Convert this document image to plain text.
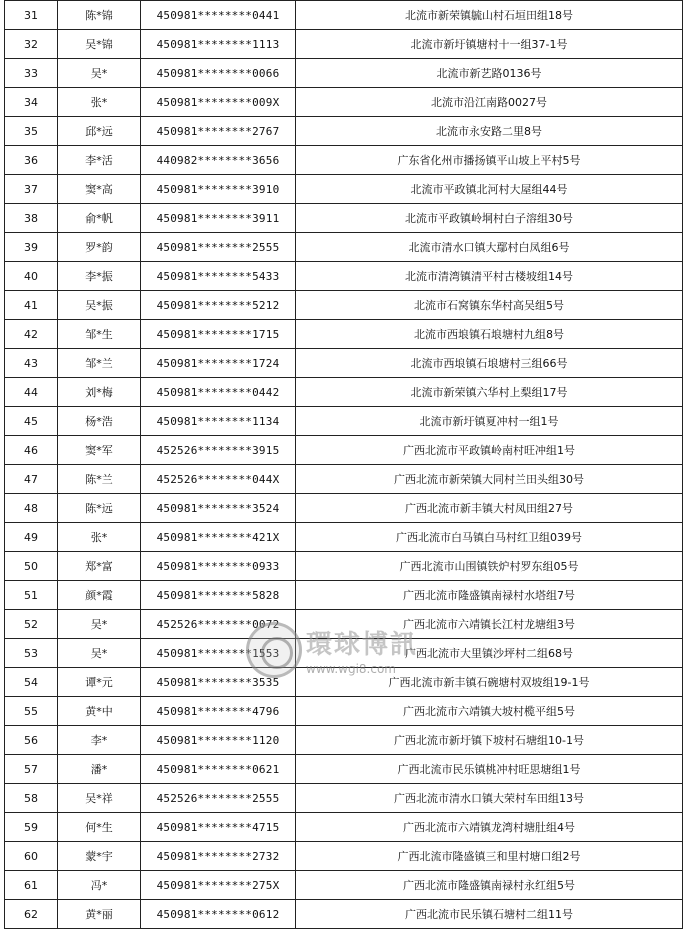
31	陈*锦	450981********0441	北流市新荣镇毓山村石垣田组18号
32	吴*锦	450981********1113	北流市新圩镇塘村十一组37-1号
33	吴*	450981********0066	北流市新艺路0136号
34	张*	450981********009X	北流市沿江南路0027号
35	邱*远	450981********2767	北流市永安路二里8号
36	李*活	440982********3656	广东省化州市播扬镇平山坡上平村5号
37	窦*高	450981********3910	北流市平政镇北河村大屋组44号
38	俞*帆	450981********3911	北流市平政镇岭垌村白子溶组30号
39	罗*韵	450981********2555	北流市清水口镇大鄢村白凤组6号
40	李*振	450981********5433	北流市清湾镇清平村古楼坡组14号
41	吴*振	450981********5212	北流市石窝镇东华村高吴组5号
42	邹*生	450981********1715	北流市西埌镇石埌塘村九组8号
43	邹*兰	450981********1724	北流市西埌镇石埌塘村三组66号
44	刘*梅	450981********0442	北流市新荣镇六华村上梨组17号
45	杨*浩	450981********1134	北流市新圩镇夏冲村一组1号
46	窦*军	452526********3915	广西北流市平政镇岭南村旺冲组1号
47	陈*兰	452526********044X	广西北流市新荣镇大同村兰田头组30号
48	陈*远	450981********3524	广西北流市新丰镇大村凤田组27号
49	张*	450981********421X	广西北流市白马镇白马村红卫组039号
50	郑*富	450981********0933	广西北流市山围镇铁炉村罗东组05号
51	颜*霞	450981********5828	广西北流市隆盛镇南禄村水塔组7号
52	吴*	452526********0072	广西北流市六靖镇长江村龙塘组3号
53	吴*	450981********1553	广西北流市大里镇沙坪村二组68号
54	谭*元	450981********3535	广西北流市新丰镇石碗塘村双坡组19-1号
55	黄*中	450981********4796	广西北流市六靖镇大坡村榄平组5号
56	李*	450981********1120	广西北流市新圩镇下坡村石塘组10-1号
57	潘*	450981********0621	广西北流市民乐镇桃冲村旺思塘组1号
58	吴*祥	452526********2555	广西北流市清水口镇大荣村车田组13号
59	何*生	450981********4715	广西北流市六靖镇龙湾村塘肚组4号
60	蒙*宇	450981********2732	广西北流市隆盛镇三和里村塘口组2号
61	冯*	450981********275X	广西北流市隆盛镇南禄村永红组5号
62	黄*丽	450981********0612	广西北流市民乐镇石塘村二组11号
環球博訊
www.wgi8.com
